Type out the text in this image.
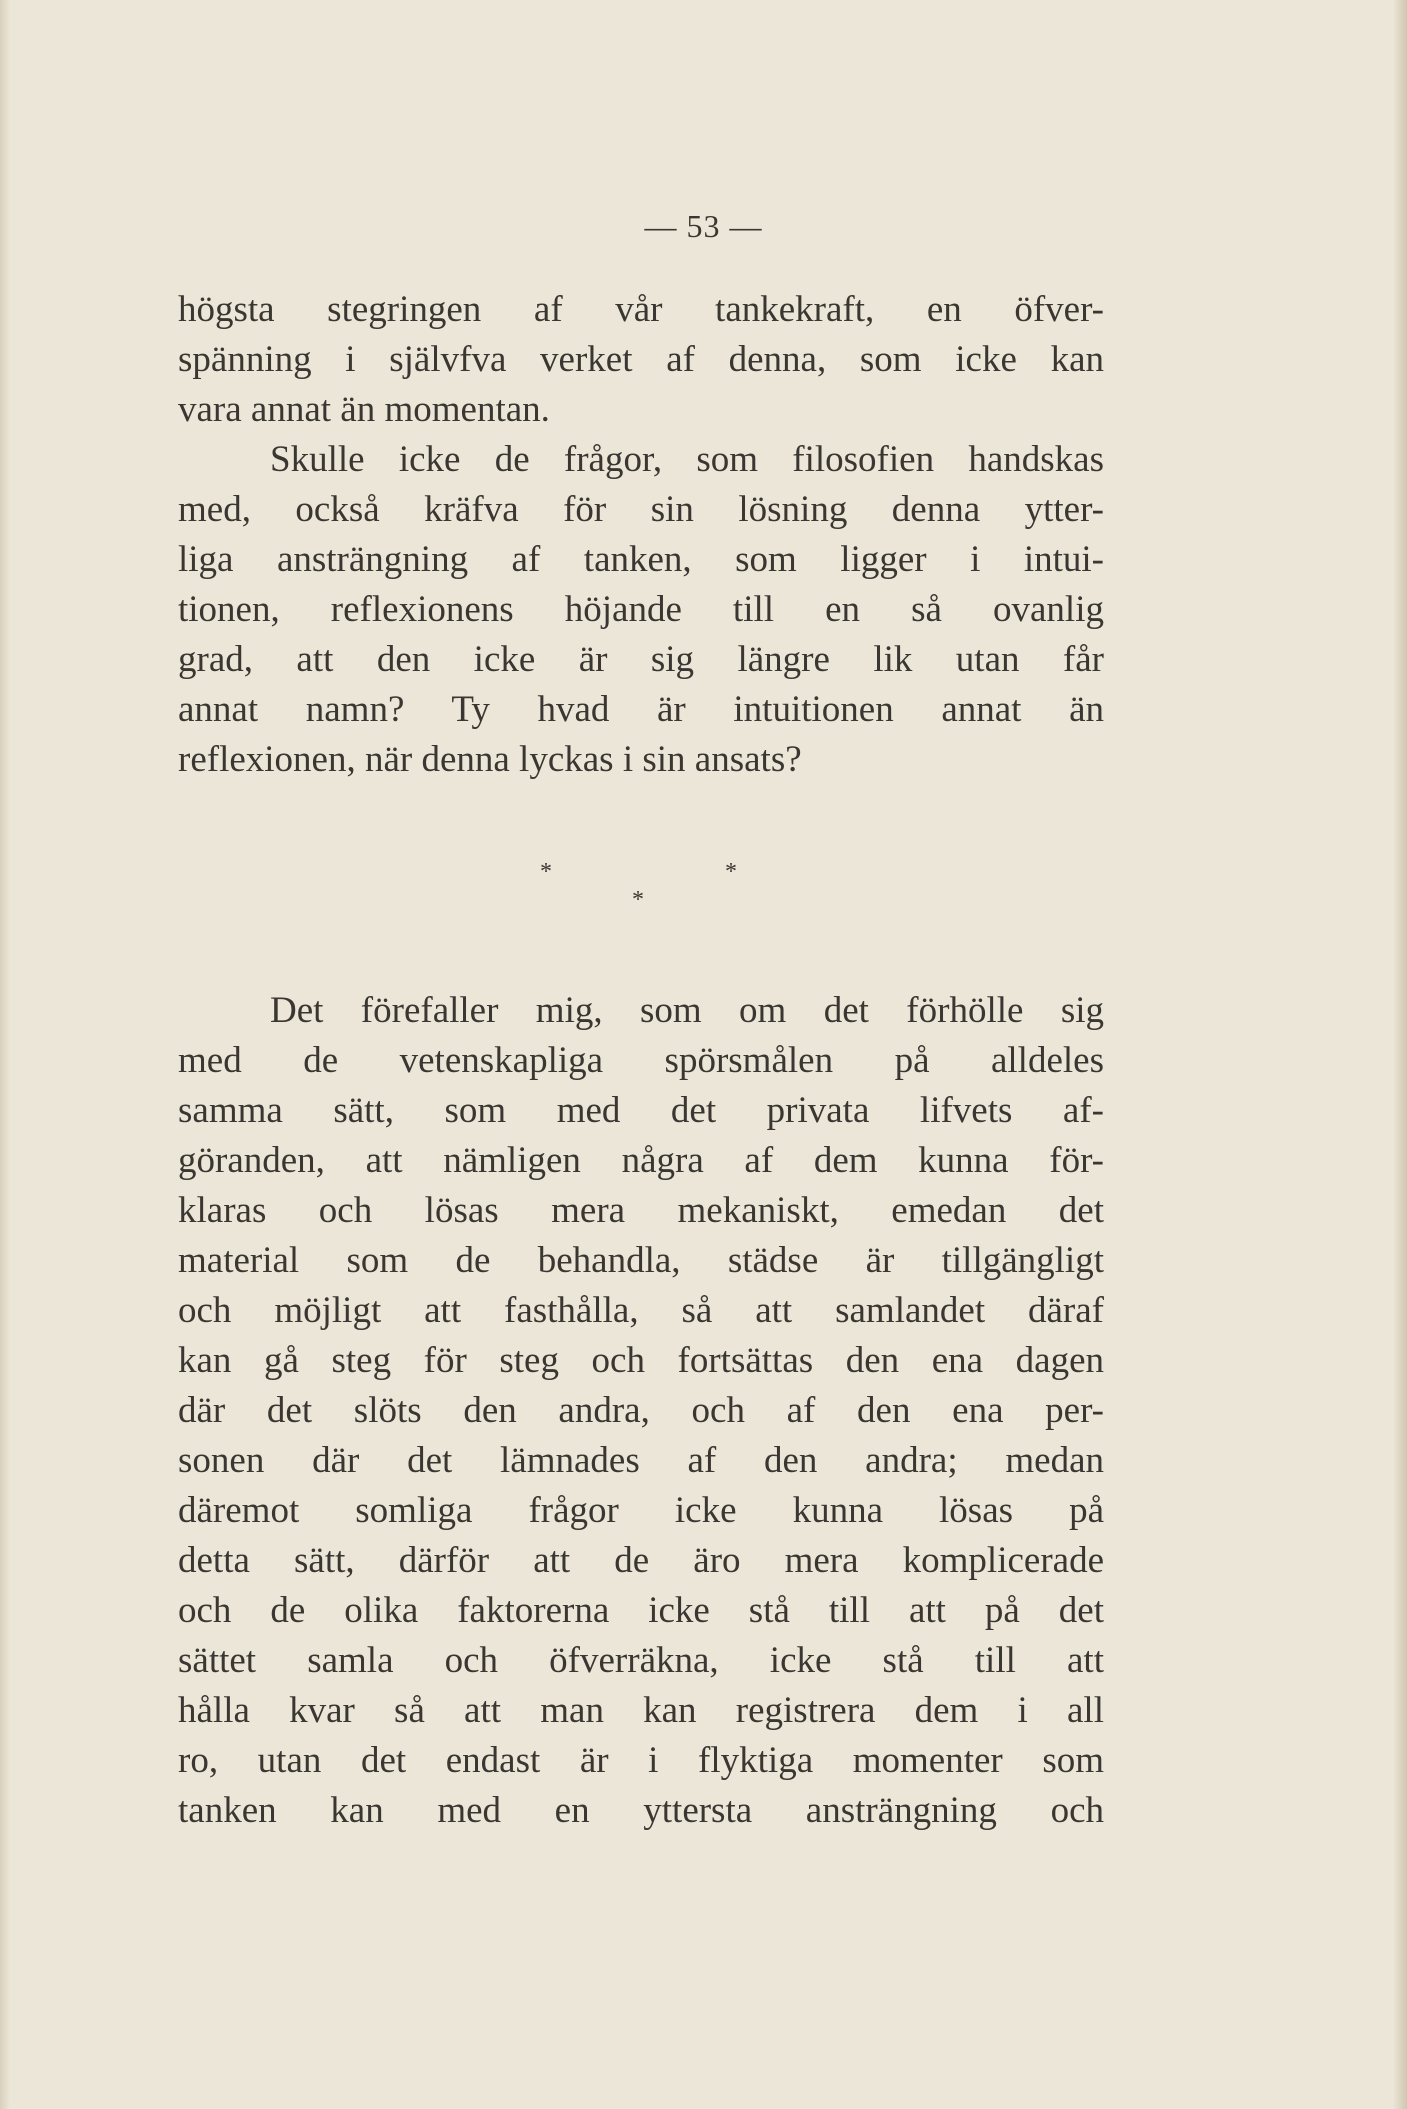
— 53 —
högsta stegringen af vår tankekraft, en öfver-
spänning i självfva verket af denna, som icke kan
vara annat än momentan.
Skulle icke de frågor, som filosofien handskas
med, också kräfva för sin lösning denna ytter-
liga ansträngning af tanken, som ligger i intui-
tionen, reflexionens höjande till en så ovanlig
grad, att den icke är sig längre lik utan får
annat namn? Ty hvad är intuitionen annat än
reflexionen, när denna lyckas i sin ansats?
*	*
*
Det förefaller mig, som om det förhölle sig
med de vetenskapliga spörsmålen på alldeles
samma sätt, som med det privata lifvets af-
göranden, att nämligen några af dem kunna för-
klaras och lösas mera mekaniskt, emedan det
material som de behandla, städse är tillgängligt
och möjligt att fasthålla, så att samlandet däraf
kan gå steg för steg och fortsättas den ena dagen
där det slöts den andra, och af den ena per-
sonen där det lämnades af den andra; medan
däremot somliga frågor icke kunna lösas på
detta sätt, därför att de äro mera komplicerade
och de olika faktorerna icke stå till att på det
sättet samla och öfverräkna, icke stå till att
hålla kvar så att man kan registrera dem i all
ro, utan det endast är i flyktiga momenter som
tanken kan med en yttersta ansträngning och
